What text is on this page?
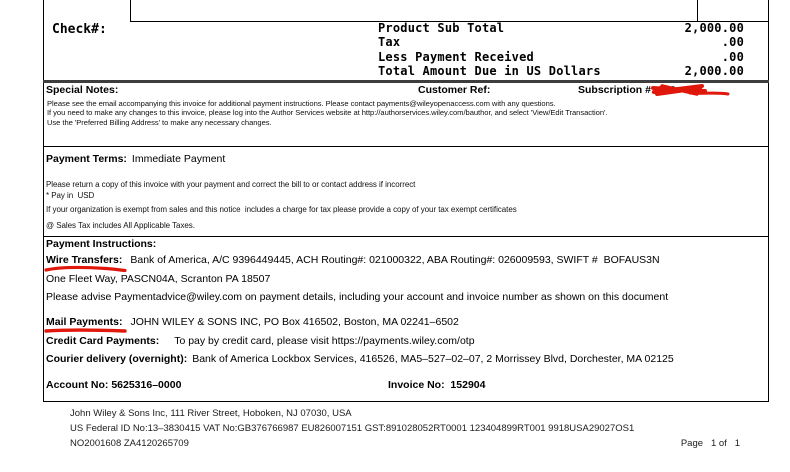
Check#:	Product Sub Total	2,000.00
Tax	.00
Less Payment Received	.00
Total Amount Due in US Dollars	2,000.00
Special Notes:	Customer Ref:	Subscription #: 520
Please see the email accompanying this invoice for additional payment instructions. Please contact payments@wileyopenaccess.com with any questions.
If you need to make any changes to this invoice, please log into the Author Services website at http://authorservices.wiley.com/bauthor, and select 'View/Edit Transaction'.
Use the 'Preferred Billing Address' to make any necessary changes.
Payment Terms: Immediate Payment
Please return a copy of this invoice with your payment and correct the bill to or contact address if incorrect
* Pay in  USD
If your organization is exempt from sales and this notice  includes a charge for tax please provide a copy of your tax exempt certificates
@ Sales Tax includes All Applicable Taxes.
Payment Instructions:
Wire Transfers: Bank of America, A/C 9396449445, ACH Routing#: 021000322, ABA Routing#: 026009593, SWIFT #  BOFAUS3N
One Fleet Way, PASCN04A, Scranton PA 18507
Please advise Paymentadvice@wiley.com on payment details, including your account and invoice number as shown on this document
Mail Payments: JOHN WILEY & SONS INC, PO Box 416502, Boston, MA 02241–6502
Credit Card Payments: To pay by credit card, please visit https://payments.wiley.com/otp
Courier delivery (overnight): Bank of America Lockbox Services, 416526, MA5–527–02–07, 2 Morrissey Blvd, Dorchester, MA 02125
Account No: 5625316–0000	Invoice No:  152904
John Wiley & Sons Inc, 111 River Street, Hoboken, NJ 07030, USA
US Federal ID No:13–3830415 VAT No:GB376766987 EU826007151 GST:891028052RT0001 123404899RT001 9918USA29027OS1
NO2001608 ZA4120265709	Page   1 of   1
